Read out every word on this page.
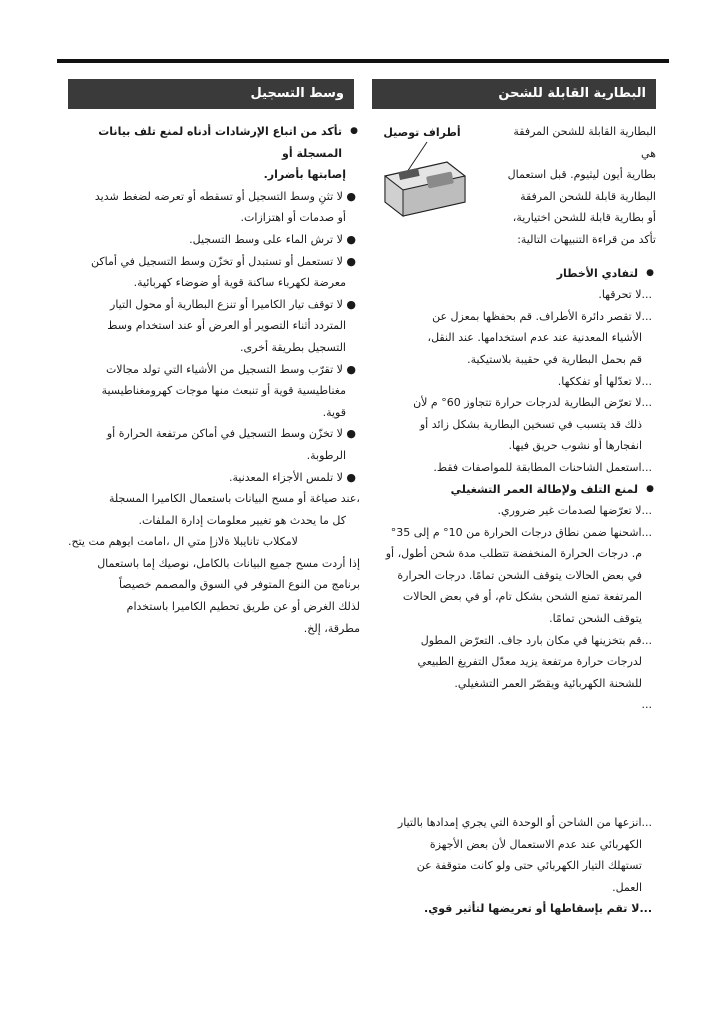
البطارية القابلة للشحن
وسط التسجيل
أطراف توصيل	البطارية القابلة للشحن المرفقة هي

بطارية أيون ليثيوم. قبل استعمال

البطارية قابلة للشحن المرفقة

أو بطارية قابلة للشحن اختيارية،

تأكد من قراءة التنبيهات التالية:

● لتفادي الأخطار

...لا تحرقها.

...لا تقصر دائرة الأطراف. قم بحفظها بمعزل عن

الأشياء المعدنية عند عدم استخدامها. عند النقل،

قم بحمل البطارية في حقيبة بلاستيكية.

...لا تعدّلها أو تفككها.

...لا تعرّض البطارية لدرجات حرارة تتجاوز 60° م لأن

ذلك قد يتسبب في تسخين البطارية بشكل زائد أو

انفجارها أو نشوب حريق فيها.

...استعمل الشاحنات المطابقة للمواصفات فقط.

● لمنع التلف ولإطالة العمر التشغيلي

...لا تعرّضها لصدمات غير ضروري.

...اشحنها ضمن نطاق درجات الحرارة من 10° م إلى 35°

م. درجات الحرارة المنخفضة تتطلب مدة شحن أطول، أو

في بعض الحالات يتوقف الشحن تمامًا. درجات الحرارة

المرتفعة تمنع الشحن بشكل تام، أو في بعض الحالات

يتوقف الشحن تمامًا.

...قم بتخزينها في مكان بارد جاف. التعرّض المطول

لدرجات حرارة مرتفعة يزيد معدّل التفريغ الطبيعي

للشحنة الكهربائية ويقصّر العمر التشغيلي.

...

...انزعها من الشاحن أو الوحدة التي يجري إمدادها بالتيار

الكهربائي عند عدم الاستعمال لأن بعض الأجهزة

تستهلك التيار الكهربائي حتى ولو كانت متوقفة عن

العمل.

...لا تقم بإسقاطها أو تعريضها لتأثير قوي.

● تأكد من اتباع الإرشادات أدناه لمنع تلف بيانات المسجلة أو

إصابتها بأضرار.

● لا تثنِ وسط التسجيل أو تسقطه أو تعرضه لضغط شديد

أو صدمات أو اهتزازات.

● لا ترش الماء على وسط التسجيل.

● لا تستعمل أو تستبدل أو تخزّن وسط التسجيل في أماكن

معرضة لكهرباء ساكنة قوية أو ضوضاء كهربائية.

● لا توقف تيار الكاميرا أو تنزع البطارية أو محول التيار

المتردد أثناء التصوير أو العرض أو عند استخدام وسط

التسجيل بطريقة أخرى.

● لا تقرّب وسط التسجيل من الأشياء التي تولد مجالات

مغناطيسية قوية أو تنبعث منها موجات كهرومغناطيسية

قوية.

● لا تخزّن وسط التسجيل في أماكن مرتفعة الحرارة أو

الرطوبة.

● لا تلمس الأجزاء المعدنية.

،عند صياغة أو مسح البيانات باستعمال الكاميرا المسجلة

كل ما يحدث هو تغيير معلومات إدارة الملفات.

.لامكلاب تانايبلا ةلازإ متي ال ،امامت ايوهم مت يتح

إذا أردت مسح جميع البيانات بالكامل، نوصيك إما باستعمال

برنامج من النوع المتوفر في السوق والمصمم خصيصاً

لذلك الغرض أو عن طريق تحطيم الكاميرا باستخدام

مطرقة، إلخ.
